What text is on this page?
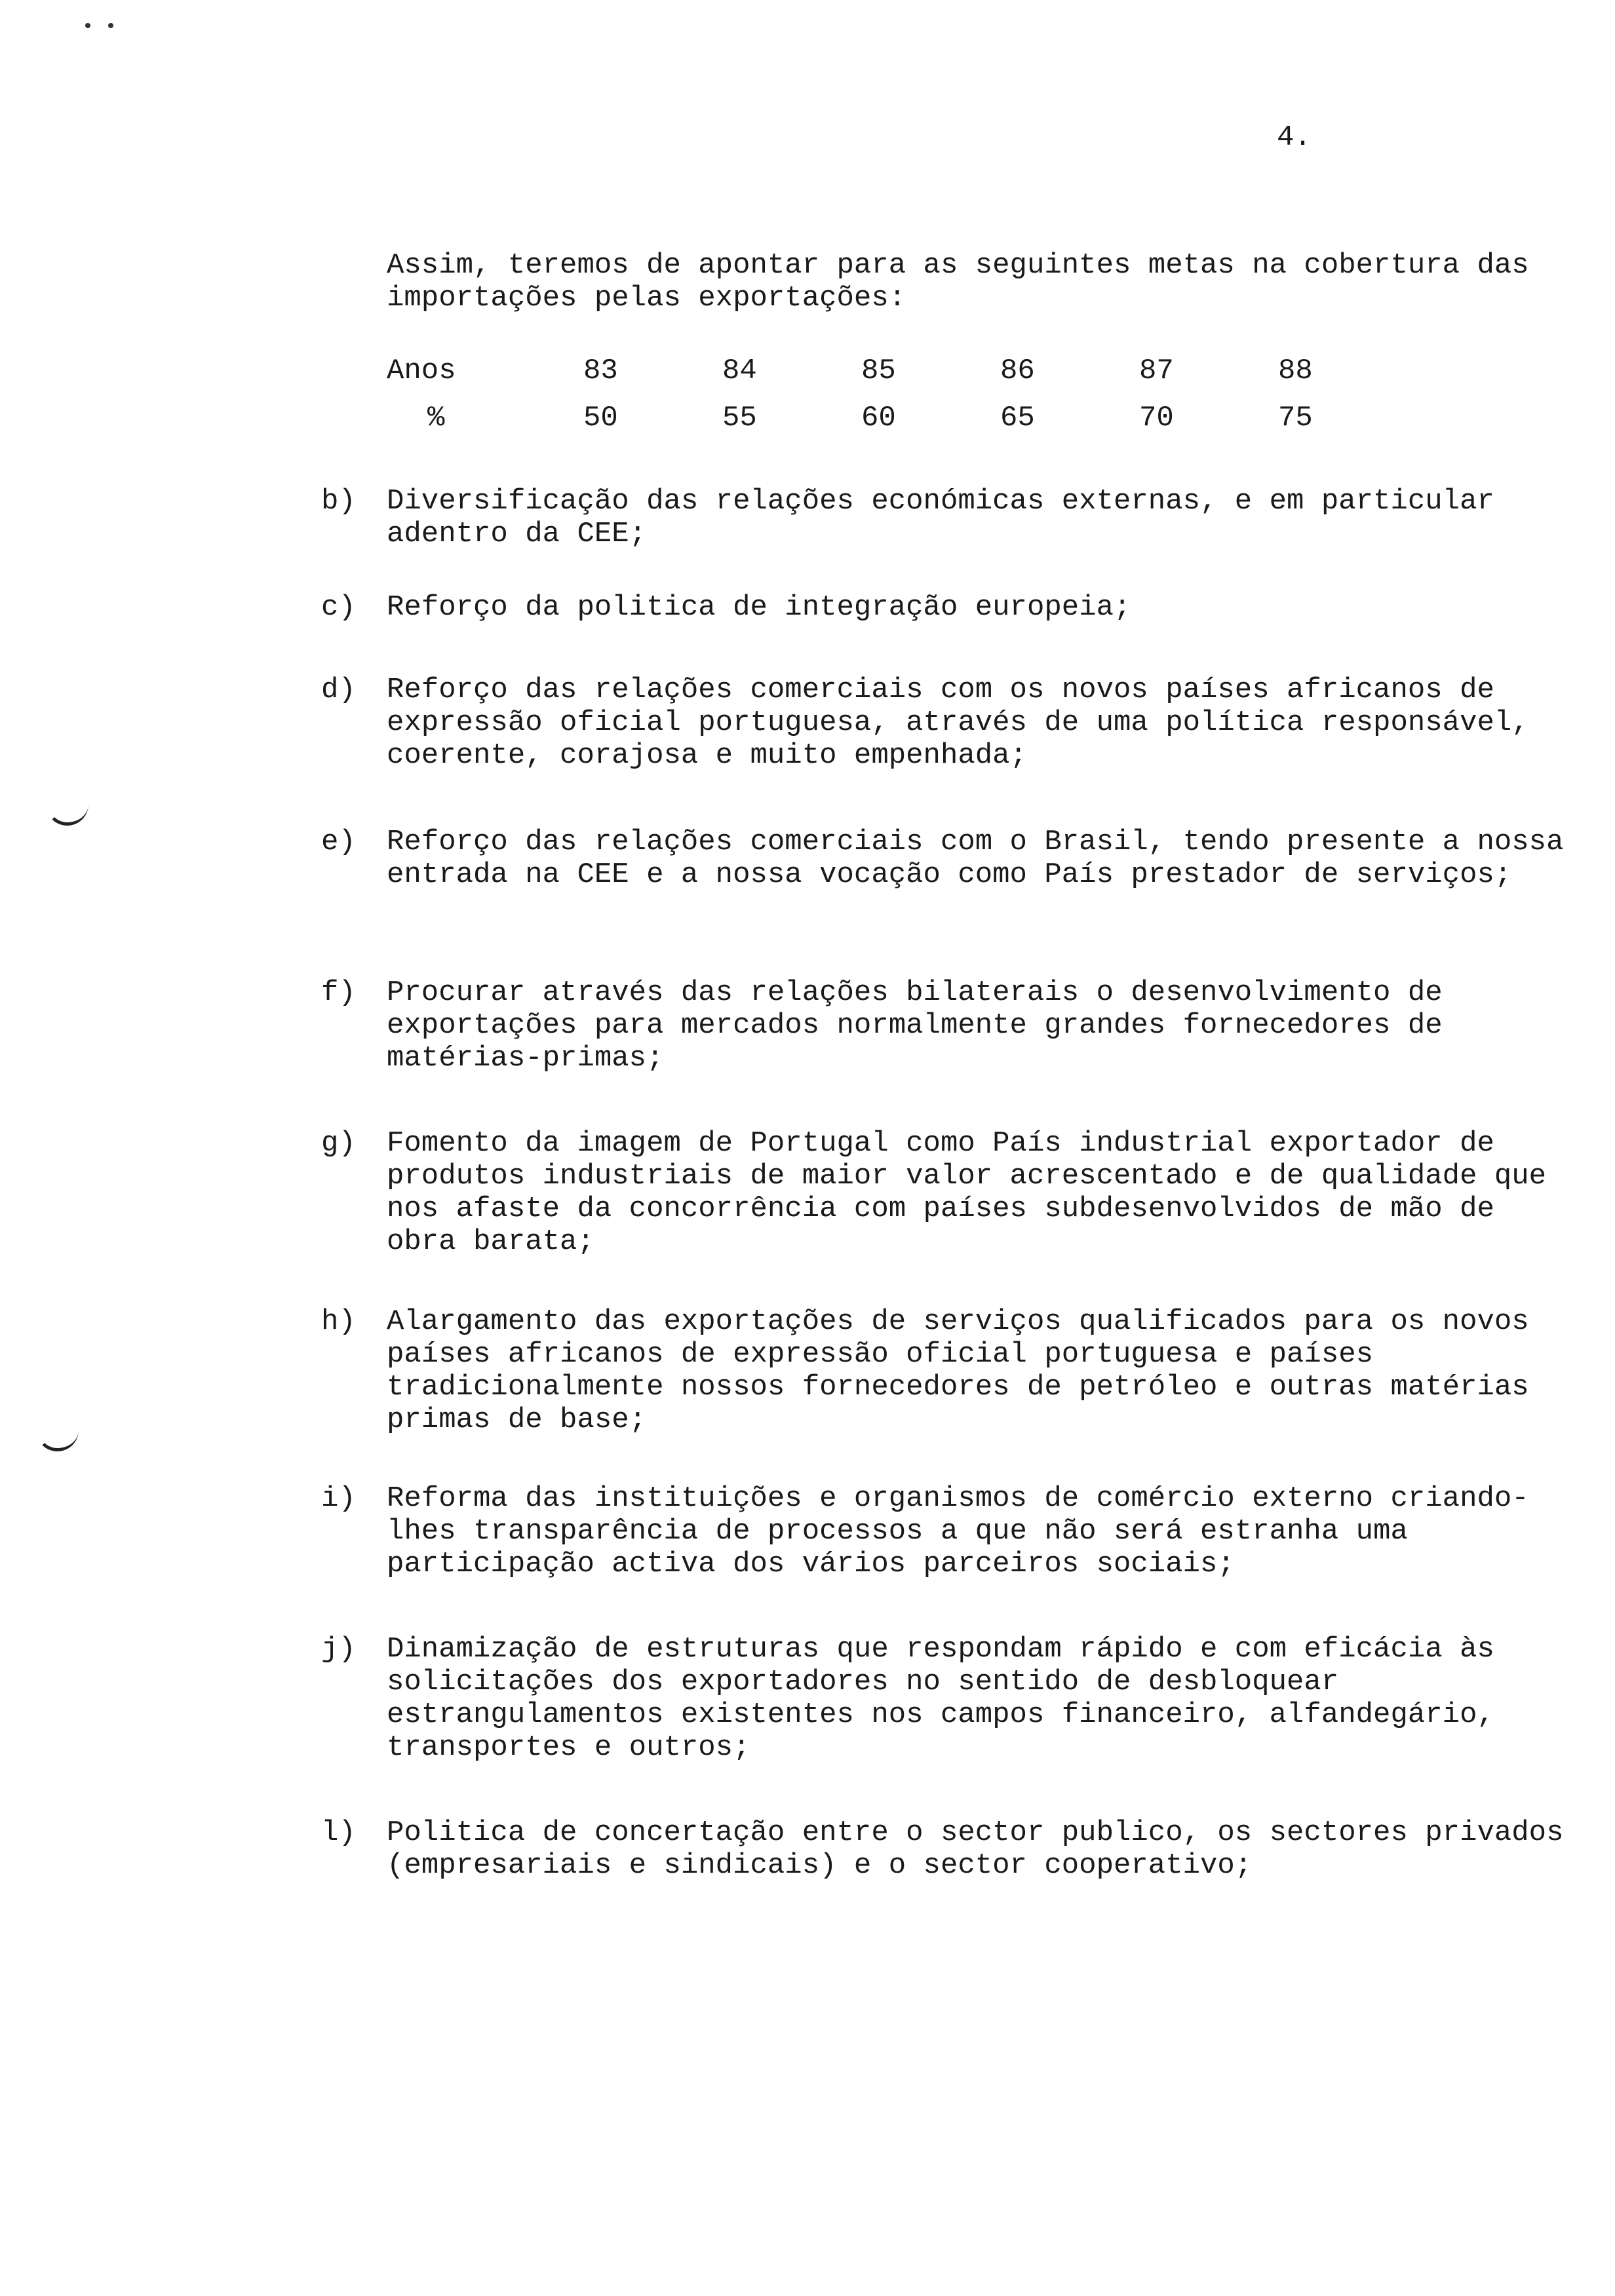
4.

Assim, teremos de apontar para as seguintes metas na cobertura das importações pelas exportações:

Anos	83	84	85	86	87	88
%	50	55	60	65	70	75
b)	Diversificação das relações económicas externas, e em particular adentro da CEE;
c)	Reforço da politica de integração europeia;
d)	Reforço das relações comerciais com os novos países africanos de expressão oficial portuguesa, através de uma política responsável, coerente, corajosa e muito empenhada;
e)	Reforço das relações comerciais com o Brasil, tendo presente a nossa entrada na CEE e a nossa vocação como País prestador de serviços;
f)	Procurar através das relações bilaterais o desenvolvimento de exportações para mercados normalmente grandes fornecedores de matérias-primas;
g)	Fomento da imagem de Portugal como País industrial exportador de produtos industriais de maior valor acrescentado e de qualidade que nos afaste da concorrência com países subdesenvolvidos de mão de obra barata;
h)	Alargamento das exportações de serviços qualificados para os novos países africanos de expressão oficial portuguesa e países tradicionalmente nossos fornecedores de petróleo e outras matérias primas de base;
i)	Reforma das instituições e organismos de comércio externo criando-lhes transparência de processos a que não será estranha uma participação activa dos vários parceiros sociais;
j)	Dinamização de estruturas que respondam rápido e com eficácia às solicitações dos exportadores no sentido de desbloquear estrangulamentos existentes nos campos financeiro, alfandegário, transportes e outros;
l)	Politica de concertação entre o sector publico, os sectores privados (empresariais e sindicais) e o sector cooperativo;
